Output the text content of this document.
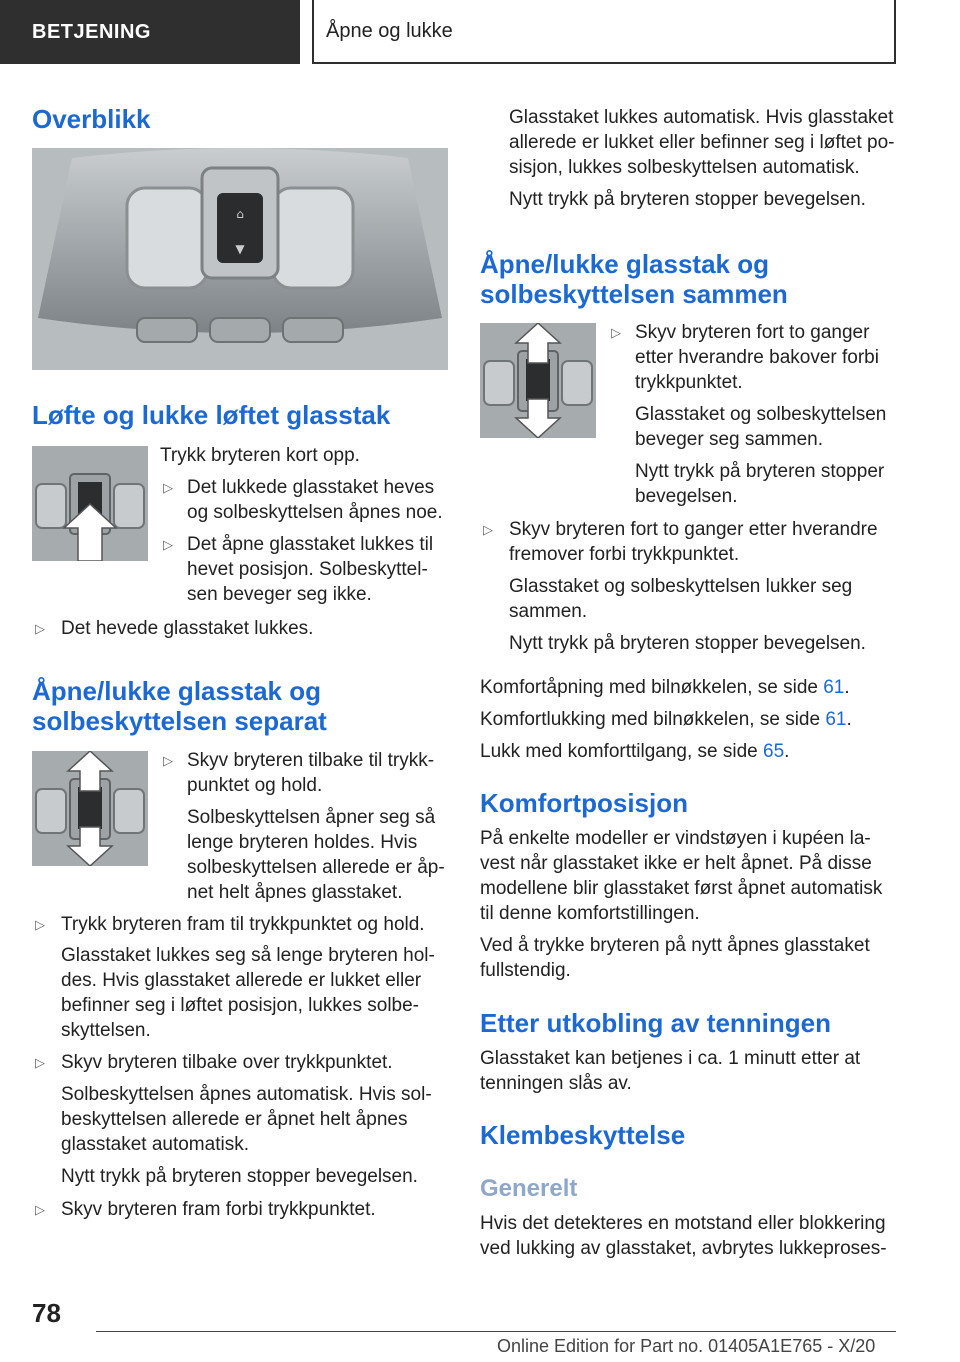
BETJENING	Åpne og lukke
Overblikk
⌂
▼
Løfte og lukke løftet glasstak
Trykk bryteren kort opp.
▷ Det lukkede glasstaket heves
og solbeskyttelsen åpnes noe.
▷ Det åpne glasstaket lukkes til
hevet posisjon. Solbeskyttel-
sen beveger seg ikke.
▷ Det hevede glasstaket lukkes.
Åpne/lukke glasstak og
solbeskyttelsen separat
▷ Skyv bryteren tilbake til trykk-
punktet og hold.
Solbeskyttelsen åpner seg så
lenge bryteren holdes. Hvis
solbeskyttelsen allerede er åp-
net helt åpnes glasstaket.
▷ Trykk bryteren fram til trykkpunktet og hold.
Glasstaket lukkes seg så lenge bryteren hol-
des. Hvis glasstaket allerede er lukket eller
befinner seg i løftet posisjon, lukkes solbe-
skyttelsen.
▷ Skyv bryteren tilbake over trykkpunktet.
Solbeskyttelsen åpnes automatisk. Hvis sol-
beskyttelsen allerede er åpnet helt åpnes
glasstaket automatisk.
Nytt trykk på bryteren stopper bevegelsen.
▷ Skyv bryteren fram forbi trykkpunktet.
Glasstaket lukkes automatisk. Hvis glasstaket
allerede er lukket eller befinner seg i løftet po-
sisjon, lukkes solbeskyttelsen automatisk.
Nytt trykk på bryteren stopper bevegelsen.
Åpne/lukke glasstak og
solbeskyttelsen sammen
▷ Skyv bryteren fort to ganger
etter hverandre bakover forbi
trykkpunktet.
Glasstaket og solbeskyttelsen
beveger seg sammen.
Nytt trykk på bryteren stopper
bevegelsen.
▷ Skyv bryteren fort to ganger etter hverandre
fremover forbi trykkpunktet.
Glasstaket og solbeskyttelsen lukker seg
sammen.
Nytt trykk på bryteren stopper bevegelsen.
Komfortåpning med bilnøkkelen, se side 61.
Komfortlukking med bilnøkkelen, se side 61.
Lukk med komforttilgang, se side 65.
Komfortposisjon
På enkelte modeller er vindstøyen i kupéen la-
vest når glasstaket ikke er helt åpnet. På disse
modellene blir glasstaket først åpnet automatisk
til denne komfortstillingen.
Ved å trykke bryteren på nytt åpnes glasstaket
fullstendig.
Etter utkobling av tenningen
Glasstaket kan betjenes i ca. 1 minutt etter at
tenningen slås av.
Klembeskyttelse
Generelt
Hvis det detekteres en motstand eller blokkering
ved lukking av glasstaket, avbrytes lukkeproses-
78
Online Edition for Part no. 01405A1E765 - X/20
